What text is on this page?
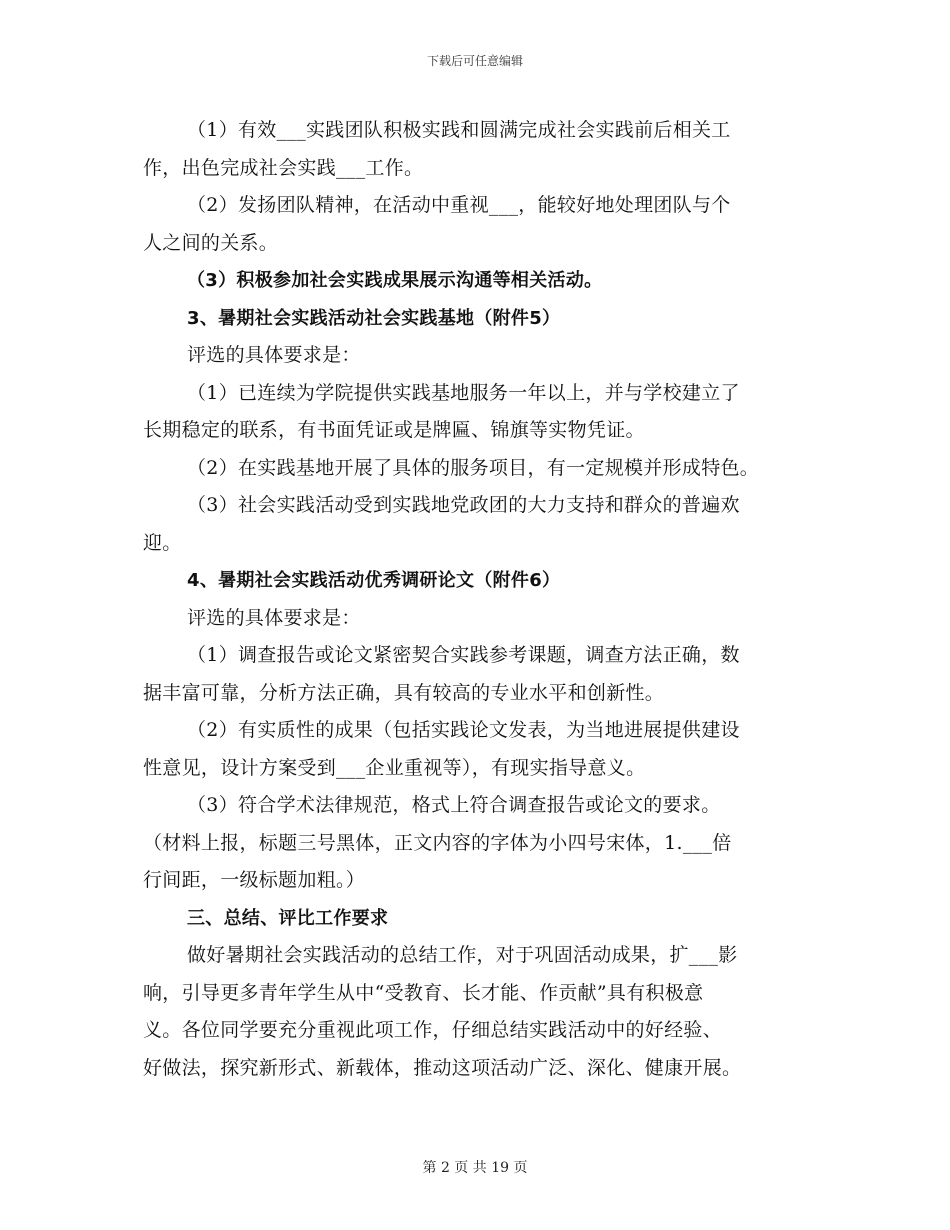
下载后可任意编辑
（1）有效___实践团队积极实践和圆满完成社会实践前后相关工
作，出色完成社会实践___工作。
（2）发扬团队精神，在活动中重视___，能较好地处理团队与个
人之间的关系。
（3）积极参加社会实践成果展示沟通等相关活动。
3、暑期社会实践活动社会实践基地（附件5）
评选的具体要求是：
（1）已连续为学院提供实践基地服务一年以上，并与学校建立了
长期稳定的联系，有书面凭证或是牌匾、锦旗等实物凭证。
（2）在实践基地开展了具体的服务项目，有一定规模并形成特色。
（3）社会实践活动受到实践地党政团的大力支持和群众的普遍欢
迎。
4、暑期社会实践活动优秀调研论文（附件6）
评选的具体要求是：
（1）调查报告或论文紧密契合实践参考课题，调查方法正确，数
据丰富可靠，分析方法正确，具有较高的专业水平和创新性。
（2）有实质性的成果（包括实践论文发表，为当地进展提供建设
性意见，设计方案受到___企业重视等），有现实指导意义。
（3）符合学术法律规范，格式上符合调查报告或论文的要求。
（材料上报，标题三号黑体，正文内容的字体为小四号宋体，1.___倍
行间距，一级标题加粗。）
三、总结、评比工作要求
做好暑期社会实践活动的总结工作，对于巩固活动成果，扩___影
响，引导更多青年学生从中“受教育、长才能、作贡献”具有积极意
义。各位同学要充分重视此项工作，仔细总结实践活动中的好经验、
好做法，探究新形式、新载体，推动这项活动广泛、深化、健康开展。
第 2 页 共 19 页
